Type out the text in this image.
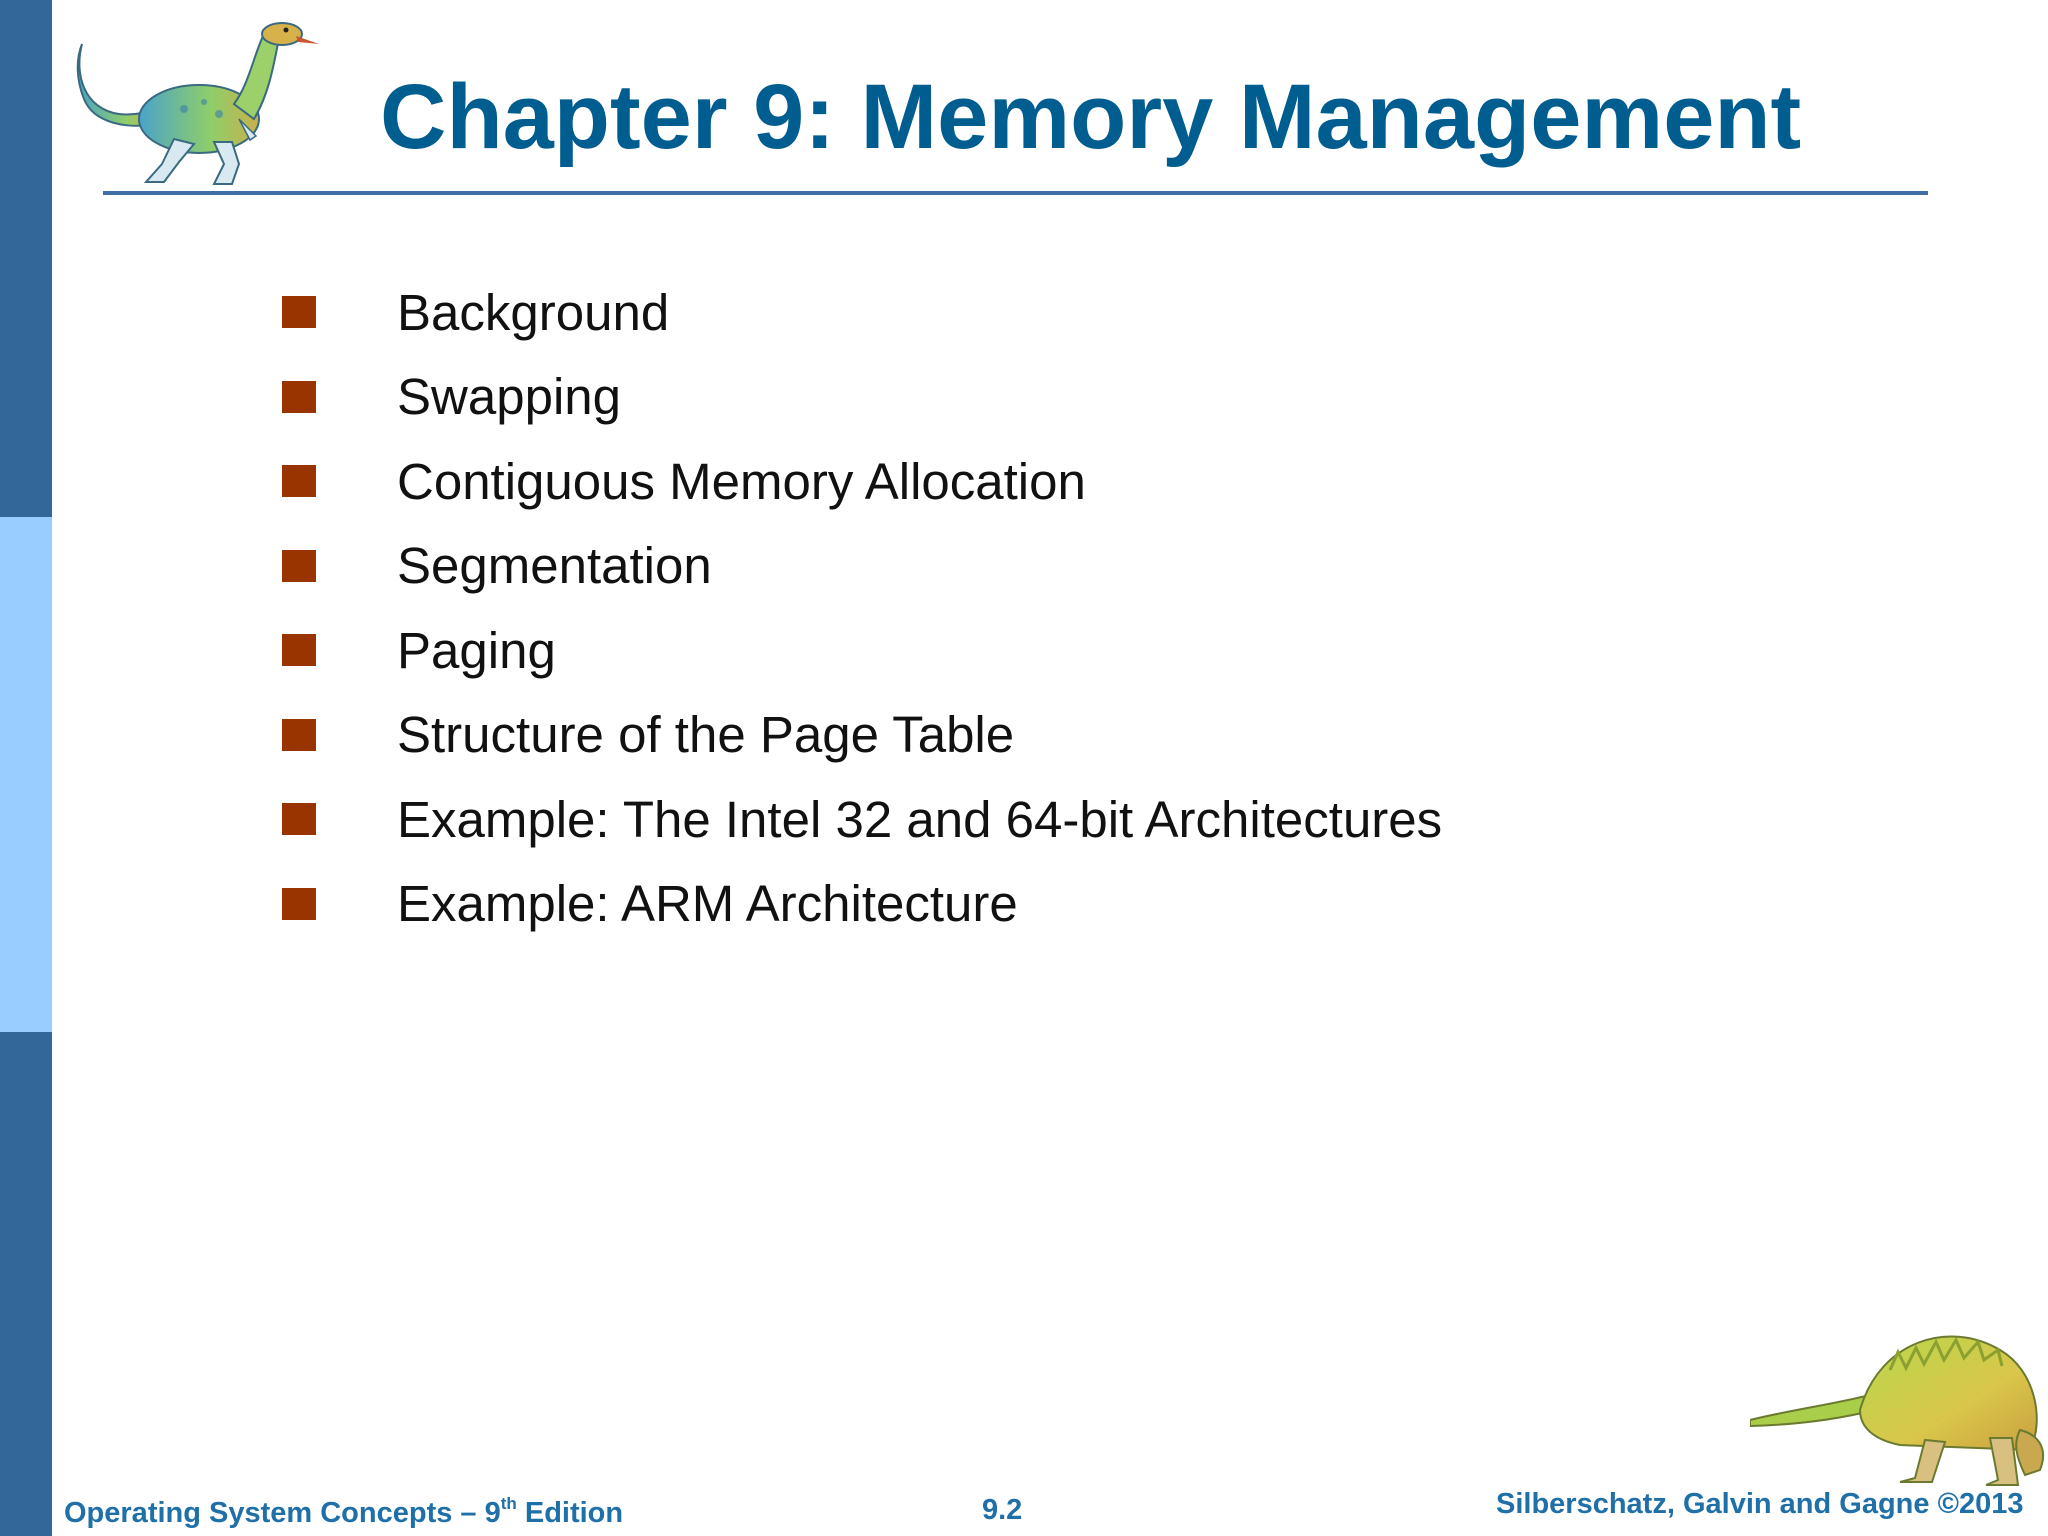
Chapter 9: Memory Management
Background
Swapping
Contiguous Memory Allocation
Segmentation
Paging
Structure of the Page Table
Example: The Intel 32 and 64-bit Architectures
Example: ARM Architecture
Operating System Concepts – 9th Edition	9.2	Silberschatz, Galvin and Gagne ©2013
